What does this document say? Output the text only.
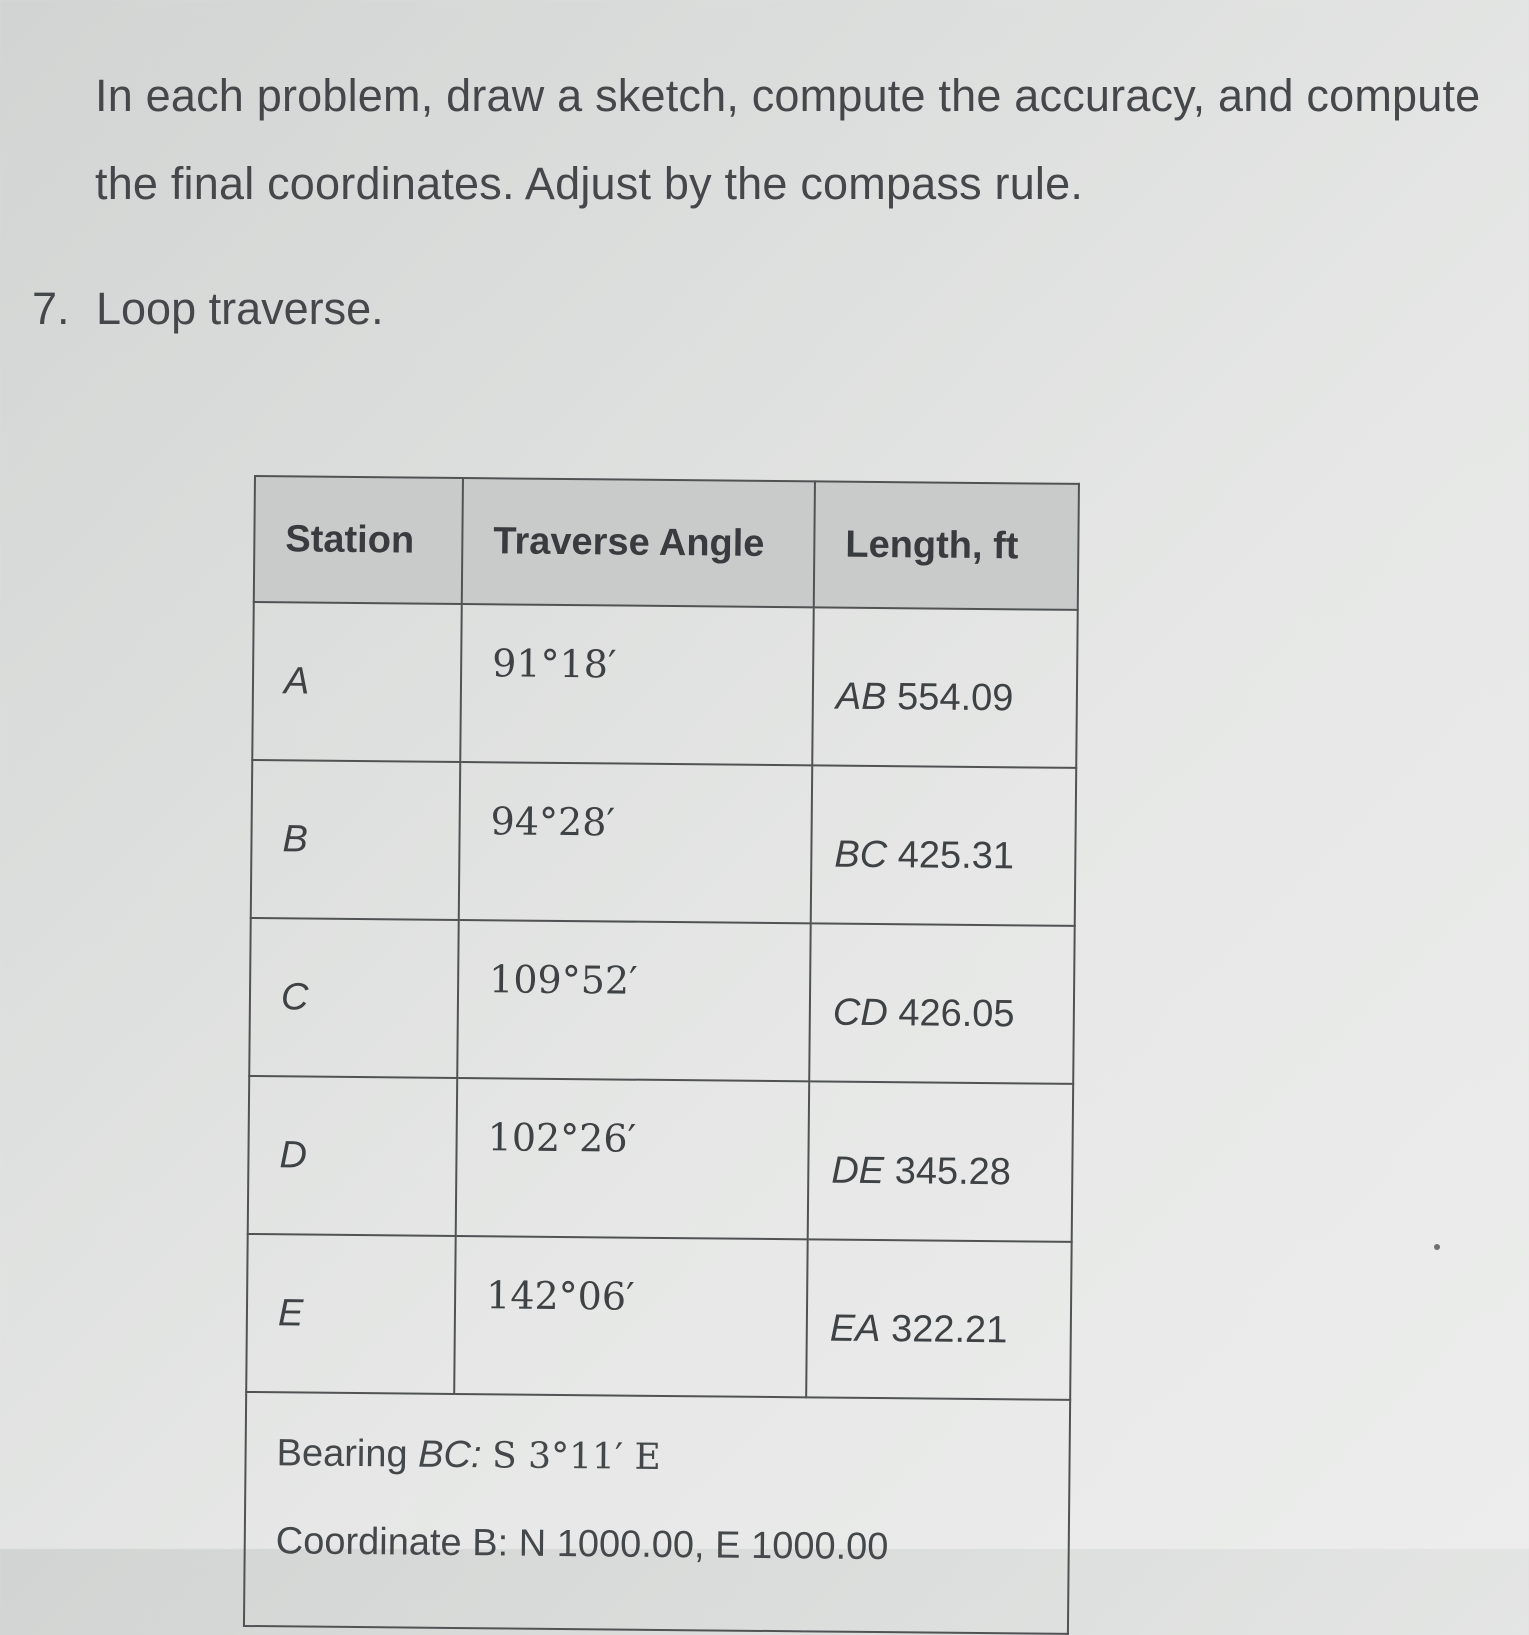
In each problem, draw a sketch, compute the accuracy, and compute
the final coordinates. Adjust by the compass rule.
7. Loop traverse.
Station	Traverse Angle	Length, ft
A	91°18′	AB 554.09
B	94°28′	BC 425.31
C	109°52′	CD 426.05
D	102°26′	DE 345.28
E	142°06′	EA 322.21

Bearing BC: S 3°11′ E
Coordinate B: N 1000.00, E 1000.00		
